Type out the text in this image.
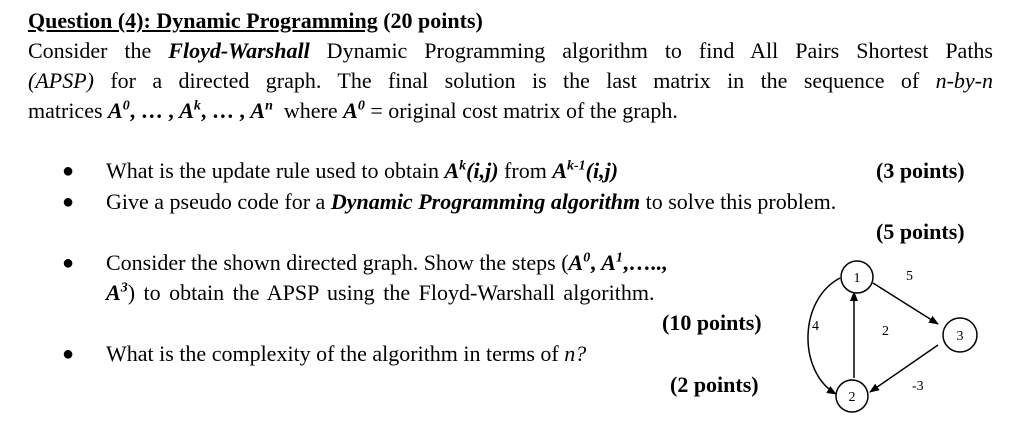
Question (4): Dynamic Programming (20 points)
Consider the Floyd-Warshall Dynamic Programming algorithm to find All Pairs Shortest Paths
(APSP) for a directed graph. The final solution is the last matrix in the sequence of n-by-n
matrices $A^0$, … , $A^k$, … , $A^n$  where $A^0$ = original cost matrix of the graph.
● What is the update rule used to obtain $A^k(i,j)$ from $A^{k-1}(i,j)$	(3 points)
● Give a pseudo code for a Dynamic Programming algorithm to solve this problem.
(5 points)
● Consider the shown directed graph. Show the steps ($A^0$, $A^1,\dots$..,
$A^3$) to obtain the APSP using the Floyd-Warshall algorithm.
(10 points)
● What is the complexity of the algorithm in terms of n?
(2 points)
1
2
3
5
4	2
-3
